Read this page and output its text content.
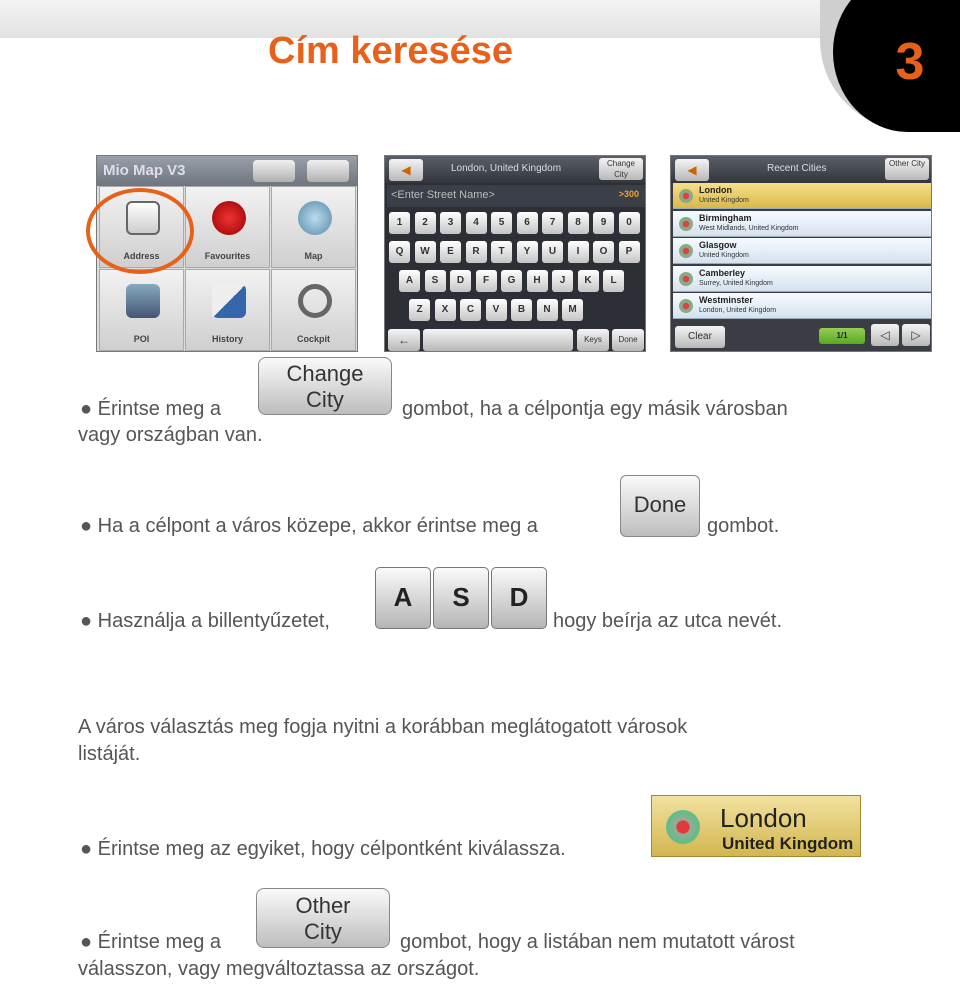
3
Cím keresése
Mio Map V3
Address	Favourites	Map
POI	History	Cockpit
◀	London, United Kingdom	Change City
<Enter Street Name>	>300
1	2	3	4	5	6	7	8	9	0
Q	W	E	R	T	Y	U	I	O	P
A	S	D	F	G	H	J	K	L
Z	X	C	V	B	N	M
←	Keys	Done
◀	Recent Cities	Other City
London
United Kingdom
Birmingham
West Midlands, United Kingdom
Glasgow
United Kingdom
Camberley
Surrey, United Kingdom
Westminster
London, United Kingdom
Clear	1/1	◁	▷
● Érintse meg a
Change
City	gombot, ha a célpontja egy másik városban
vagy országban van.
● Ha a célpont a város közepe, akkor érintse meg a
Done
gombot.
● Használja a billentyűzetet,
A	S	D
hogy beírja az utca nevét.
A város választás meg fogja nyitni a korábban meglátogatott városok
listáját.
● Érintse meg az egyiket, hogy célpontként kiválassza.
London
United Kingdom
● Érintse meg a
Other
City	gombot, hogy a listában nem mutatott várost
válasszon, vagy megváltoztassa az országot.
